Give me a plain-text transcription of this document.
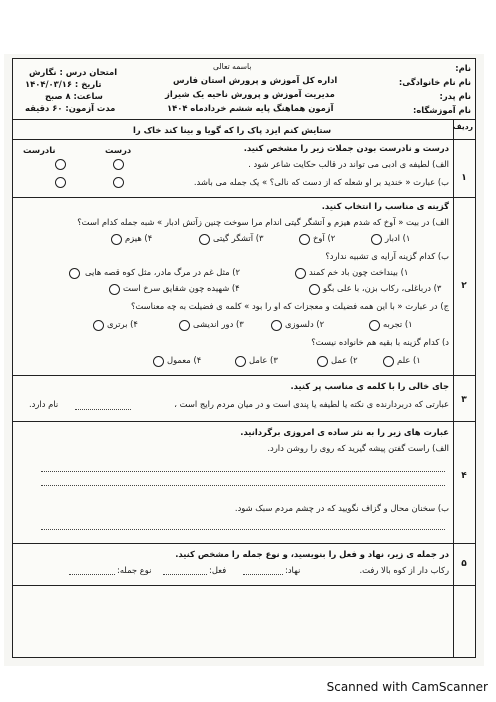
باسمه تعالی
اداره کل آموزش و پرورش استان فارس
مدیریت آموزش و پرورش ناحیه یک شیراز
آزمون هماهنگ پایه ششم خردادماه ۱۴۰۴
امتحان درس : نگارش
تاریخ : ۱۴۰۴/۰۳/۱۶
ساعت: ۸ صبح
مدت آزمون: ۶۰ دقیقه
نام:
نام نام خانوادگی:
نام پدر:
نام آموزشگاه:
ردیف
ستایش کنم ایزد پاک را که گویا و بینا کند خاک را
۱
درست و نادرست بودن جملات زیر را مشخص کنید.
درست
نادرست
الف) لطیفه ی ادبی می تواند در قالب حکایت شاعر شود .
ب) عبارت « خندید بر او شعله که از دست که نالی؟ » یک جمله می باشد.
۲
گزینه ی مناسب را انتخاب کنید.
الف) در بیت « آوخ که شدم هیزم و آتشگر گیتی اندام مرا سوخت چنین زآتش ادبار » شبه جمله کدام است؟
۱) ادبار
۲) آوخ
۳) آتشگر گیتی
۴) هیزم
ب) کدام گزینه آرایه ی تشبیه ندارد؟
۱) بینداخت چون باد خم کمند
۲) مثل غم در مرگ مادر، مثل کوه قصه هایی
۳) درباغلی، رکاب بزن، با علی بگو
۴) شهیده چون شقایق سرخ است
ج) در عبارت « با این همه فضیلت و معجزات که او را بود » کلمه ی فضیلت به چه معناست؟
۱) تجربه
۲) دلسوزی
۳) دور اندیشی
۴) برتری
د) کدام گزینه با بقیه هم خانواده نیست؟
۱) علم
۲) عمل
۳) عامل
۴) معمول
۳
جای خالی را با کلمه ی مناسب پر کنید.
عبارتی که دربردارنده ی نکته یا لطیفه یا پندی است و در میان مردم رایج است ،
نام دارد.
۴
عبارت های زیر را به نثر ساده ی امروزی برگردانید.
الف) راست گفتن پیشه گیرید که روی را روشن دارد.
ب) سخنان محال و گزاف نگویید که در چشم مردم سبک شود.
۵
در جمله ی زیر، نهاد و فعل را بنویسید، و نوع جمله را مشخص کنید.
رکاب دار از کوه بالا رفت.
نهاد:
فعل:
نوع جمله:
Scanned with CamScanner
